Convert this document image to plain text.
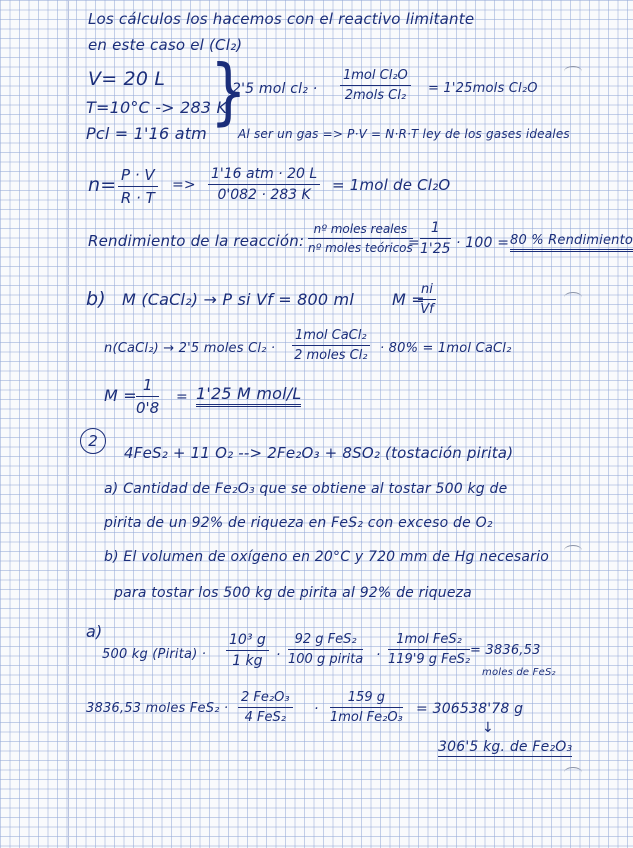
Los cálculos los hacemos con el reactivo limitante
en este caso el (Cl₂)
V= 20 L
T=10°C -> 283 K
Pcl = 1'16 atm }
2'5 mol cl₂ ·
1mol Cl₂O
2mols Cl₂	= 1'25mols Cl₂O
Al ser un gas => P·V = N·R·T ley de los gases ideales
$n= \frac{P \cdot V}{R \cdot T}$ =>
1'16 atm · 20 L
0'082 · 283 K
= 1mol de Cl₂O
Rendimiento de la reacción:
nº moles reales
nº moles teóricos
= $\frac{1}{1'25} \cdot 100 = 80$ % Rendimiento
b) M (CaCl₂) → P si Vf = 800 ml M =
$\frac{ni}{Vf}$
n(CaCl₂) → 2'5 moles Cl₂ ·
1mol CaCl₂
2 moles Cl₂ · 80% = 1mol CaCl₂
$M = \frac{1}{0'8} = 1'25$ M mol/L
2
4FeS₂ + 11 O₂ --> 2Fe₂O₃ + 8SO₂ (tostación pirita)
a) Cantidad de Fe₂O₃ que se obtiene al tostar 500 kg de
pirita de un 92% de riqueza en FeS₂ con exceso de O₂
b) El volumen de oxígeno en 20°C y 720 mm de Hg necesario
para tostar los 500 kg de pirita al 92% de riqueza
a)
500 kg (Pirita) · $\frac{\text{10³ g}}{1 kg}$ ·
92 g FeS₂
100 g pirita ·
1mol FeS₂
119'9 g FeS₂
= 3836,53
moles de FeS₂
3836,53 moles FeS₂ ·
2 Fe₂O₃
4 FeS₂
·
159 g
1mol Fe₂O₃
= 306538'78 g
↓
306'5 kg. de Fe₂O₃
